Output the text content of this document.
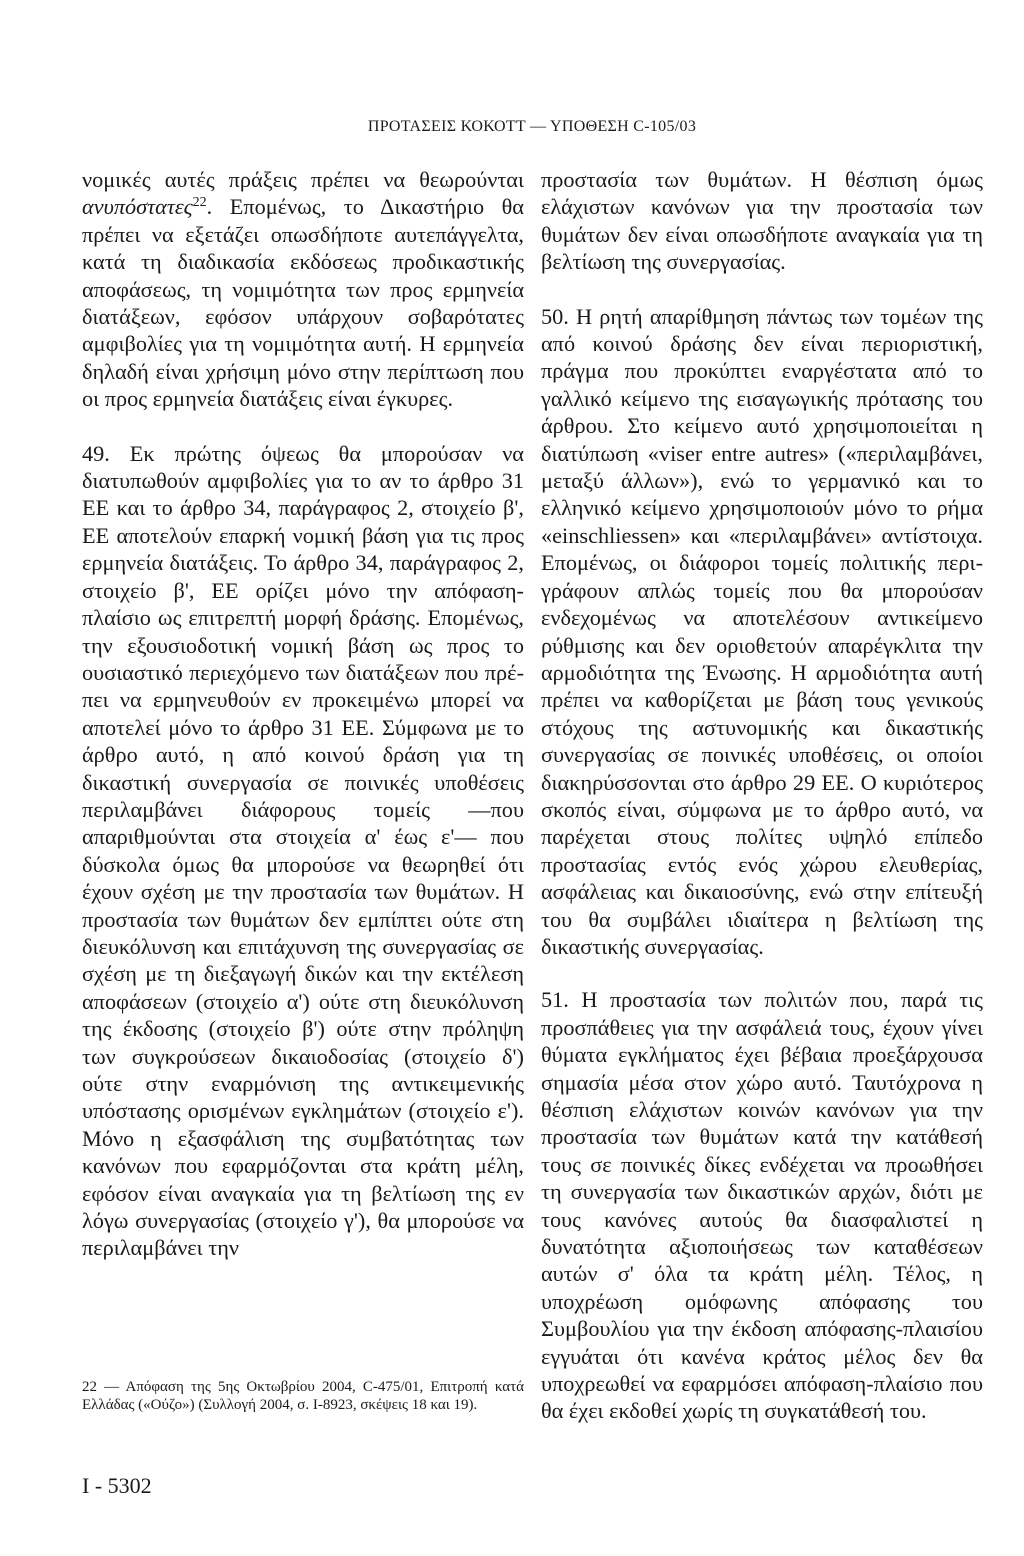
ΠΡΟΤΑΣΕΙΣ ΚΟΚΟΤΤ — ΥΠΟΘΕΣΗ C-105/03

νομικές αυτές πράξεις πρέπει να θεωρούνται ανυπόστατες$^{22}$. Επομένως, το Δικαστήριο θα πρέπει να εξετάζει οπωσδήποτε αυτεπάγγελτα, κατά τη διαδικασία εκδόσεως προδικαστικής αποφάσεως, τη νομιμότητα των προς ερμηνεία διατάξεων, εφόσον υπάρχουν σοβαρότατες αμφιβολίες για τη νομιμότητα αυτή. Η ερμηνεία δηλαδή είναι χρήσιμη μόνο στην περίπτωση που οι προς ερμηνεία διατάξεις είναι έγκυρες.

49. Εκ πρώτης όψεως θα μπορούσαν να διατυπωθούν αμφιβολίες για το αν το άρθρο 31 ΕΕ και το άρθρο 34, παράγραφος 2, στοιχείο β', ΕΕ αποτελούν επαρκή νομική βάση για τις προς ερμηνεία διατάξεις. Το άρθρο 34, παράγραφος 2, στοιχείο β', ΕΕ ορίζει μόνο την απόφαση-πλαίσιο ως επιτρεπτή μορφή δράσης. Επομένως, την εξουσιοδοτική νομική βάση ως προς το ουσιαστικό περιεχόμενο των διατάξεων που πρέπει να ερμηνευθούν εν προκειμένω μπορεί να αποτελεί μόνο το άρθρο 31 ΕΕ. Σύμφωνα με το άρθρο αυτό, η από κοινού δράση για τη δικαστική συνεργασία σε ποινικές υποθέσεις περιλαμβάνει διάφορους τομείς —που απαριθμούνται στα στοιχεία α' έως ε'— που δύσκολα όμως θα μπορούσε να θεωρηθεί ότι έχουν σχέση με την προστασία των θυμάτων. Η προστασία των θυμάτων δεν εμπίπτει ούτε στη διευκόλυνση και επιτάχυνση της συνεργασίας σε σχέση με τη διεξαγωγή δικών και την εκτέλεση αποφάσεων (στοιχείο α') ούτε στη διευκόλυνση της έκδοσης (στοιχείο β') ούτε στην πρόληψη των συγκρούσεων δικαιοδοσίας (στοιχείο δ') ούτε στην εναρμόνιση της αντικειμενικής υπόστασης ορισμένων εγκλημάτων (στοιχείο ε'). Μόνο η εξασφάλιση της συμβατότητας των κανόνων που εφαρμόζονται στα κράτη μέλη, εφόσον είναι αναγκαία για τη βελτίωση της εν λόγω συνεργασίας (στοιχείο γ'), θα μπορούσε να περιλαμβάνει την

προστασία των θυμάτων. Η θέσπιση όμως ελάχιστων κανόνων για την προστασία των θυμάτων δεν είναι οπωσδήποτε αναγκαία για τη βελτίωση της συνεργασίας.

50. Η ρητή απαρίθμηση πάντως των τομέων της από κοινού δράσης δεν είναι περιοριστική, πράγμα που προκύπτει εναργέστατα από το γαλλικό κείμενο της εισαγωγικής πρότασης του άρθρου. Στο κείμενο αυτό χρησιμοποιείται η διατύπωση «viser entre autres» («περιλαμβάνει, μεταξύ άλλων»), ενώ το γερμανικό και το ελληνικό κείμενο χρησιμοποιούν μόνο το ρήμα «einschliessen» και «περιλαμβάνει» αντίστοιχα. Επομένως, οι διάφοροι τομείς πολιτικής περιγράφουν απλώς τομείς που θα μπορούσαν ενδεχομένως να αποτελέσουν αντικείμενο ρύθμισης και δεν οριοθετούν απαρέγκλιτα την αρμοδιότητα της Ένωσης. Η αρμοδιότητα αυτή πρέπει να καθορίζεται με βάση τους γενικούς στόχους της αστυνομικής και δικαστικής συνεργασίας σε ποινικές υποθέσεις, οι οποίοι διακηρύσσονται στο άρθρο 29 ΕΕ. Ο κυριότερος σκοπός είναι, σύμφωνα με το άρθρο αυτό, να παρέχεται στους πολίτες υψηλό επίπεδο προστασίας εντός ενός χώρου ελευθερίας, ασφάλειας και δικαιοσύνης, ενώ στην επίτευξή του θα συμβάλει ιδιαίτερα η βελτίωση της δικαστικής συνεργασίας.

51. Η προστασία των πολιτών που, παρά τις προσπάθειες για την ασφάλειά τους, έχουν γίνει θύματα εγκλήματος έχει βέβαια προεξάρχουσα σημασία μέσα στον χώρο αυτό. Ταυτόχρονα η θέσπιση ελάχιστων κοινών κανόνων για την προστασία των θυμάτων κατά την κατάθεσή τους σε ποινικές δίκες ενδέχεται να προωθήσει τη συνεργασία των δικαστικών αρχών, διότι με τους κανόνες αυτούς θα διασφαλιστεί η δυνατότητα αξιοποιήσεως των καταθέσεων αυτών σ' όλα τα κράτη μέλη. Τέλος, η υποχρέωση ομόφωνης απόφασης του Συμβουλίου για την έκδοση απόφασης-πλαισίου εγγυάται ότι κανένα κράτος μέλος δεν θα υποχρεωθεί να εφαρμόσει απόφαση-πλαίσιο που θα έχει εκδοθεί χωρίς τη συγκατάθεσή του.

22 — Απόφαση της 5ης Οκτωβρίου 2004, C-475/01, Επιτροπή κατά Ελλάδας («Ούζο») (Συλλογή 2004, σ. I-8923, σκέψεις 18 και 19).
I - 5302
